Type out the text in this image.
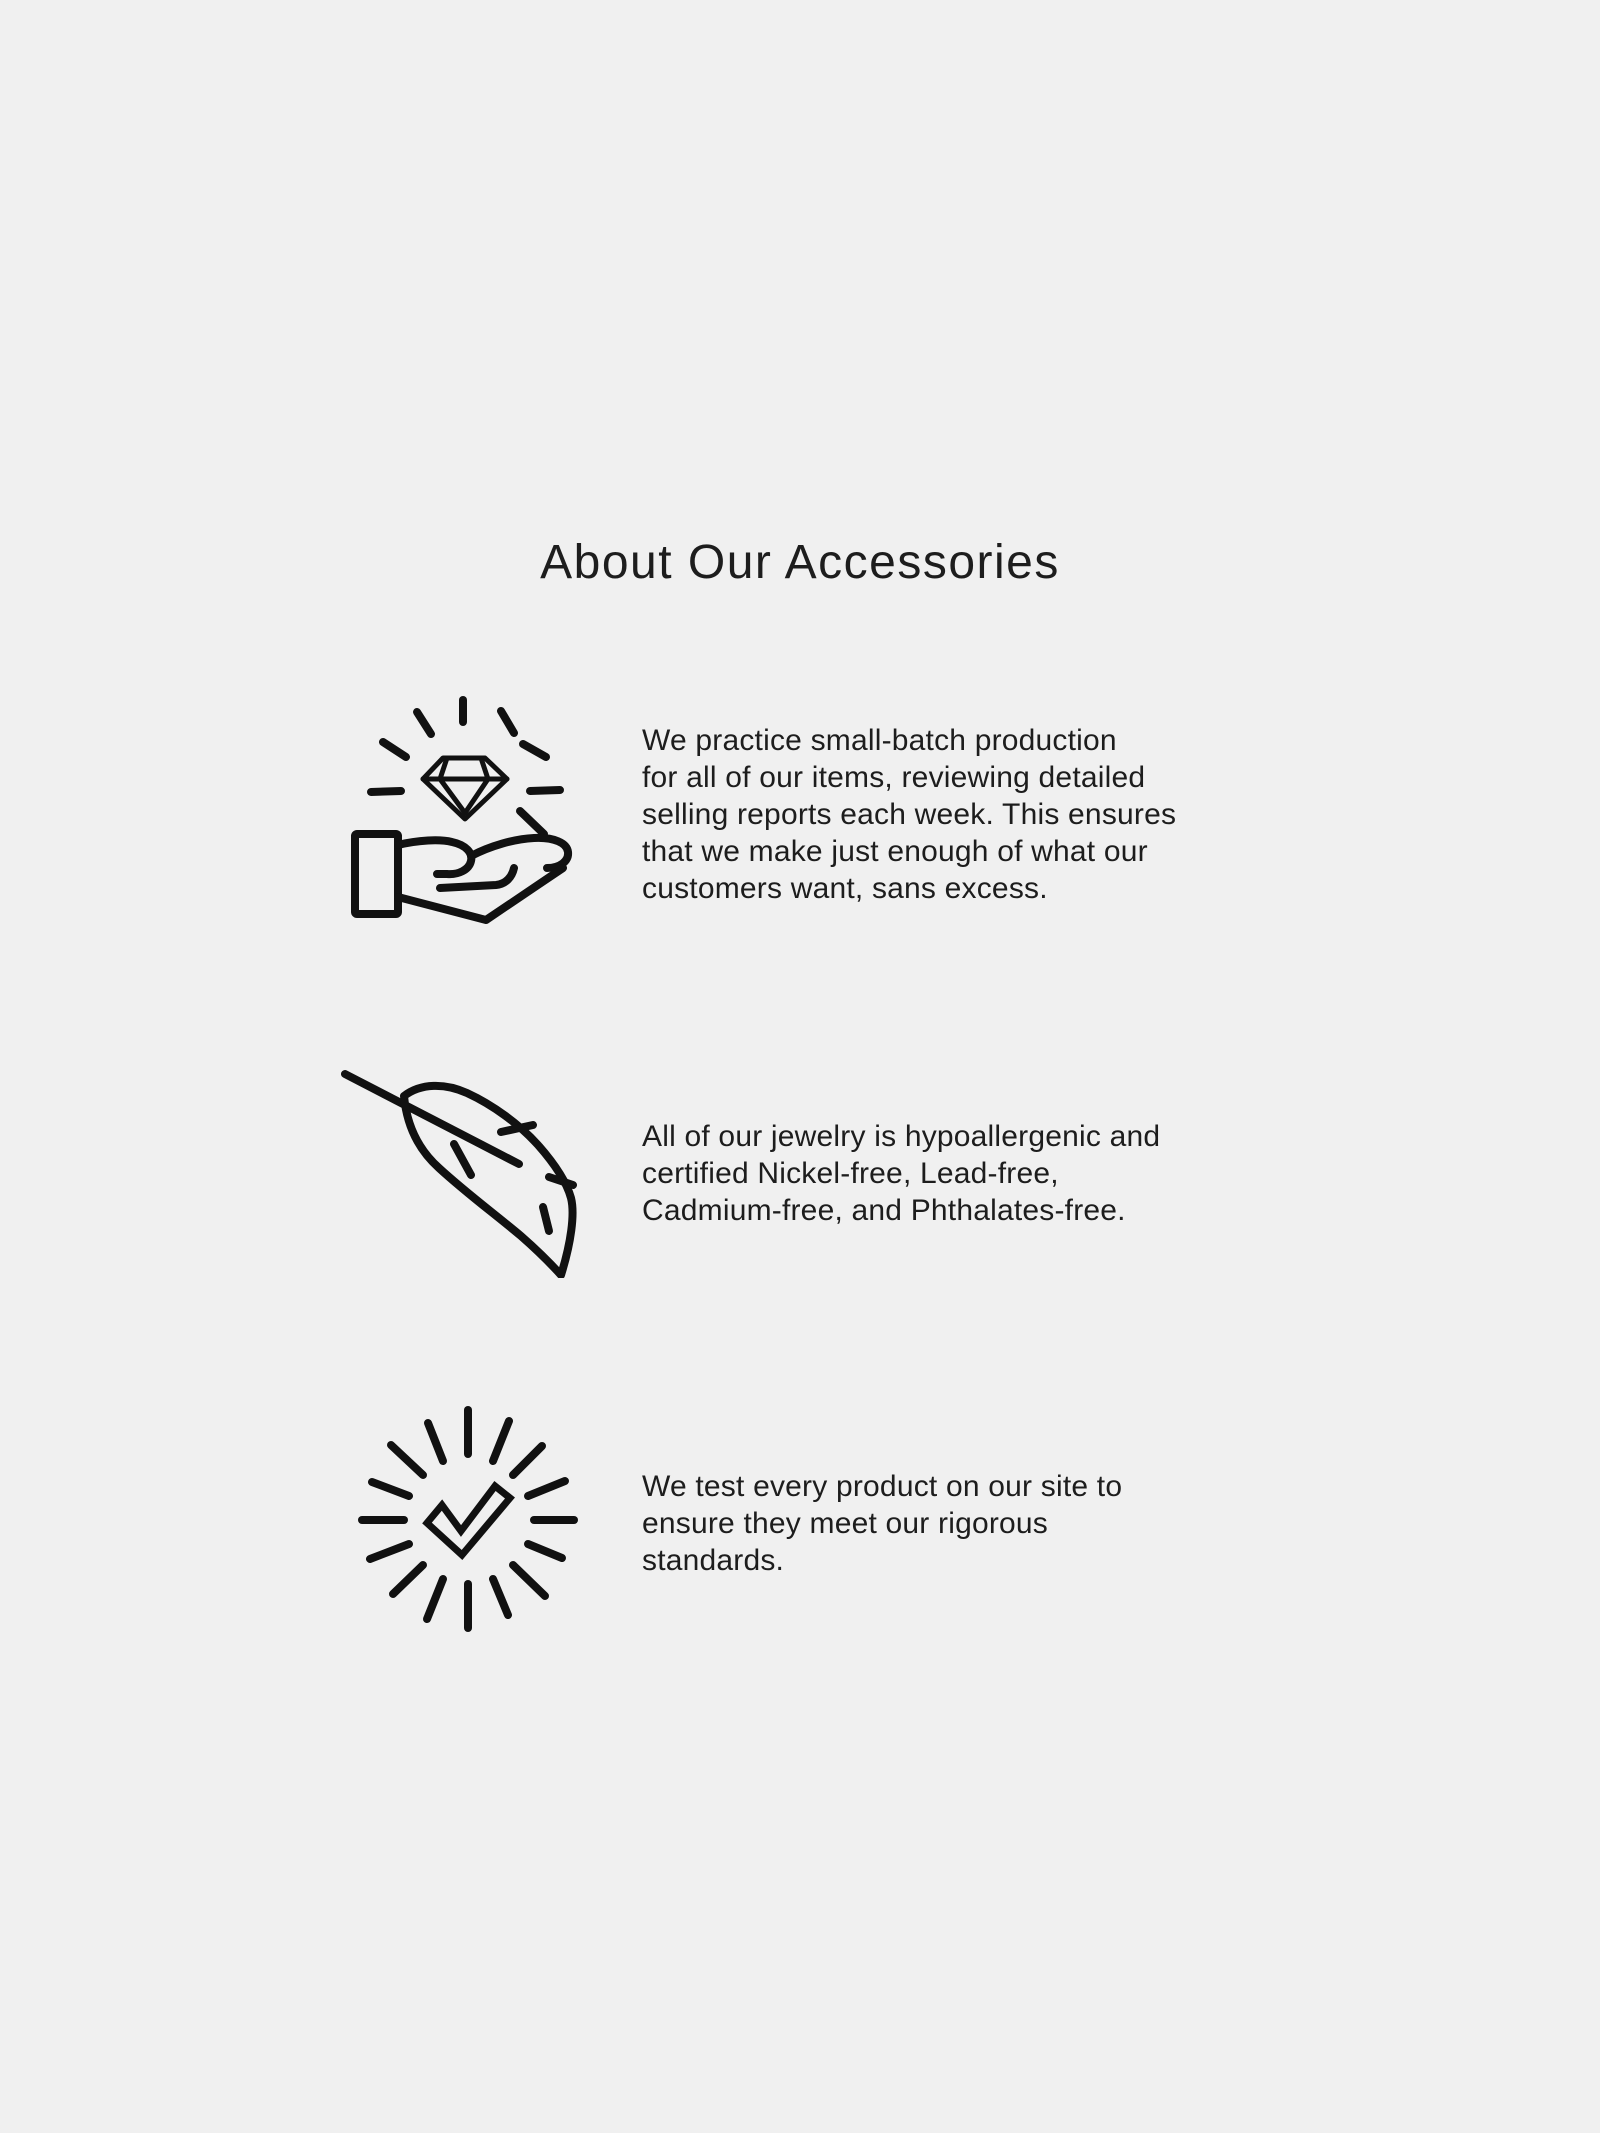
About Our Accessories
We practice small-batch production
for all of our items, reviewing detailed
selling reports each week. This ensures
that we make just enough of what our
customers want, sans excess.
All of our jewelry is hypoallergenic and
certified Nickel-free, Lead-free,
Cadmium-free, and Phthalates-free.
We test every product on our site to
ensure they meet our rigorous
standards.
